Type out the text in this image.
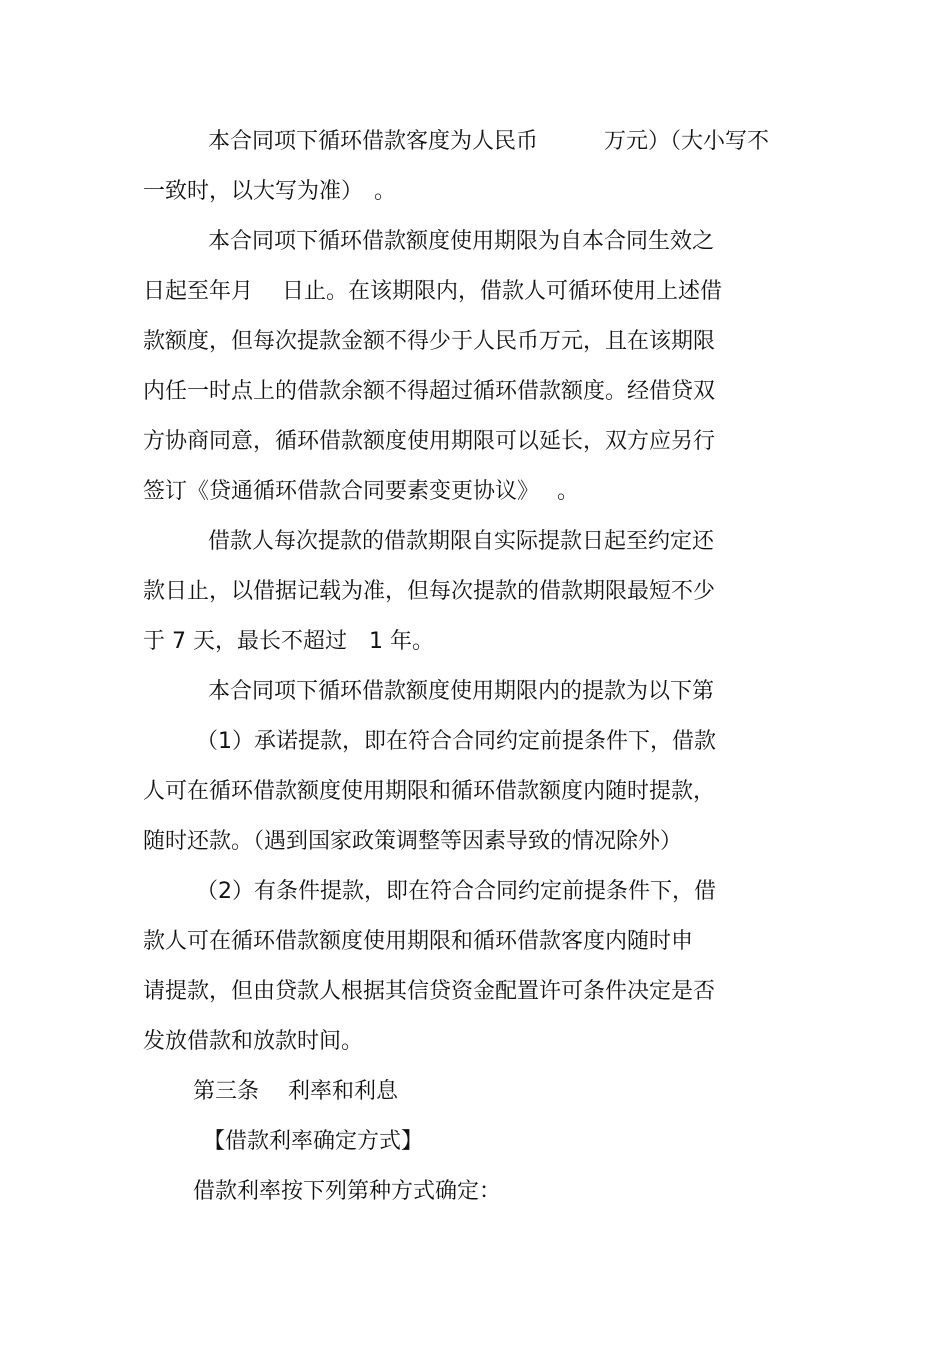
本合同项下循环借款客度为人民币　　　万元）（大小写不
一致时，以大写为准）　。
本合同项下循环借款额度使用期限为自本合同生效之
日起至年月　 日止。在该期限内，借款人可循环使用上述借
款额度，但每次提款金额不得少于人民币万元，且在该期限
内任一时点上的借款余额不得超过循环借款额度。经借贷双
方协商同意，循环借款额度使用期限可以延长，双方应另行
签订《贷通循环借款合同要素变更协议》　 。
借款人每次提款的借款期限自实际提款日起至约定还
款日止，以借据记载为准，但每次提款的借款期限最短不少
于 7 天，最长不超过　1 年。
本合同项下循环借款额度使用期限内的提款为以下第
（1）承诺提款，即在符合合同约定前提条件下，借款
人可在循环借款额度使用期限和循环借款额度内随时提款，
随时还款。（遇到国家政策调整等因素导致的情况除外）
（2）有条件提款，即在符合合同约定前提条件下，借
款人可在循环借款额度使用期限和循环借款客度内随时申
请提款，但由贷款人根据其信贷资金配置许可条件决定是否
发放借款和放款时间。
第三条　 利率和利息
【借款利率确定方式】
借款利率按下列第种方式确定：
